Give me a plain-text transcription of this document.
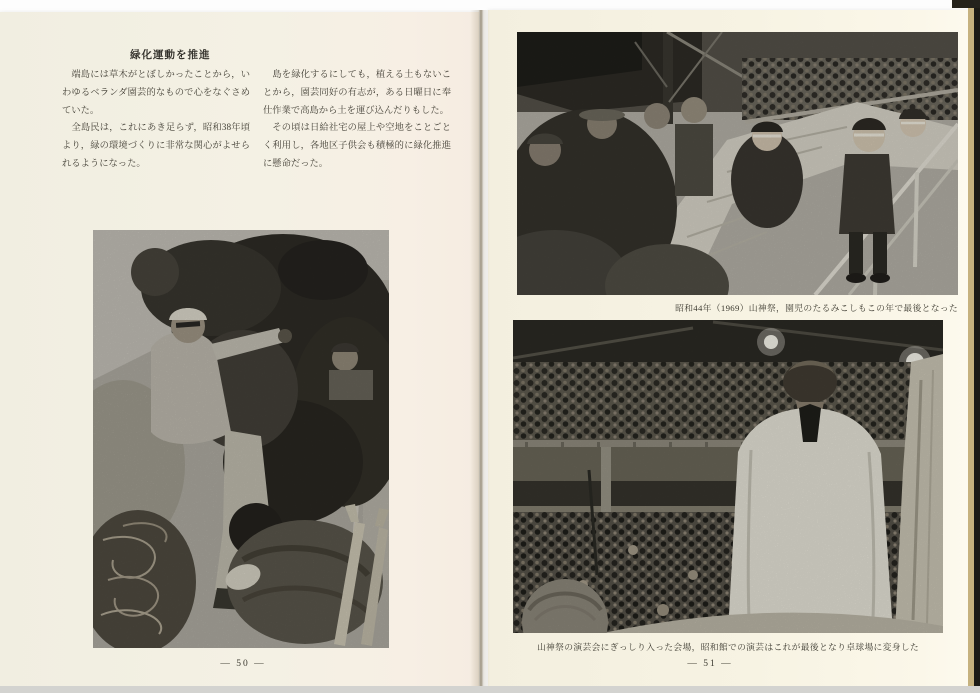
緑化運動を推進

　端島には草木がとぼしかったことから，いわゆるベランダ園芸的なもので心をなぐさめていた。

　全島民は，これにあき足らず，昭和38年頃より，緑の環境づくりに非常な関心がよせられるようになった。

　島を緑化するにしても，植える土もないことから，園芸同好の有志が，ある日曜日に奉仕作業で高島から土を運び込んだりもした。

　その頃は日給社宅の屋上や空地をことごとく利用し，各地区子供会も積極的に緑化推進に懸命だった。

昭和44年（1969）山神祭，園児のたるみこしもこの年で最後となった
山神祭の演芸会にぎっしり入った会場，昭和館での演芸はこれが最後となり卓球場に変身した
— 50 —	— 51 —
